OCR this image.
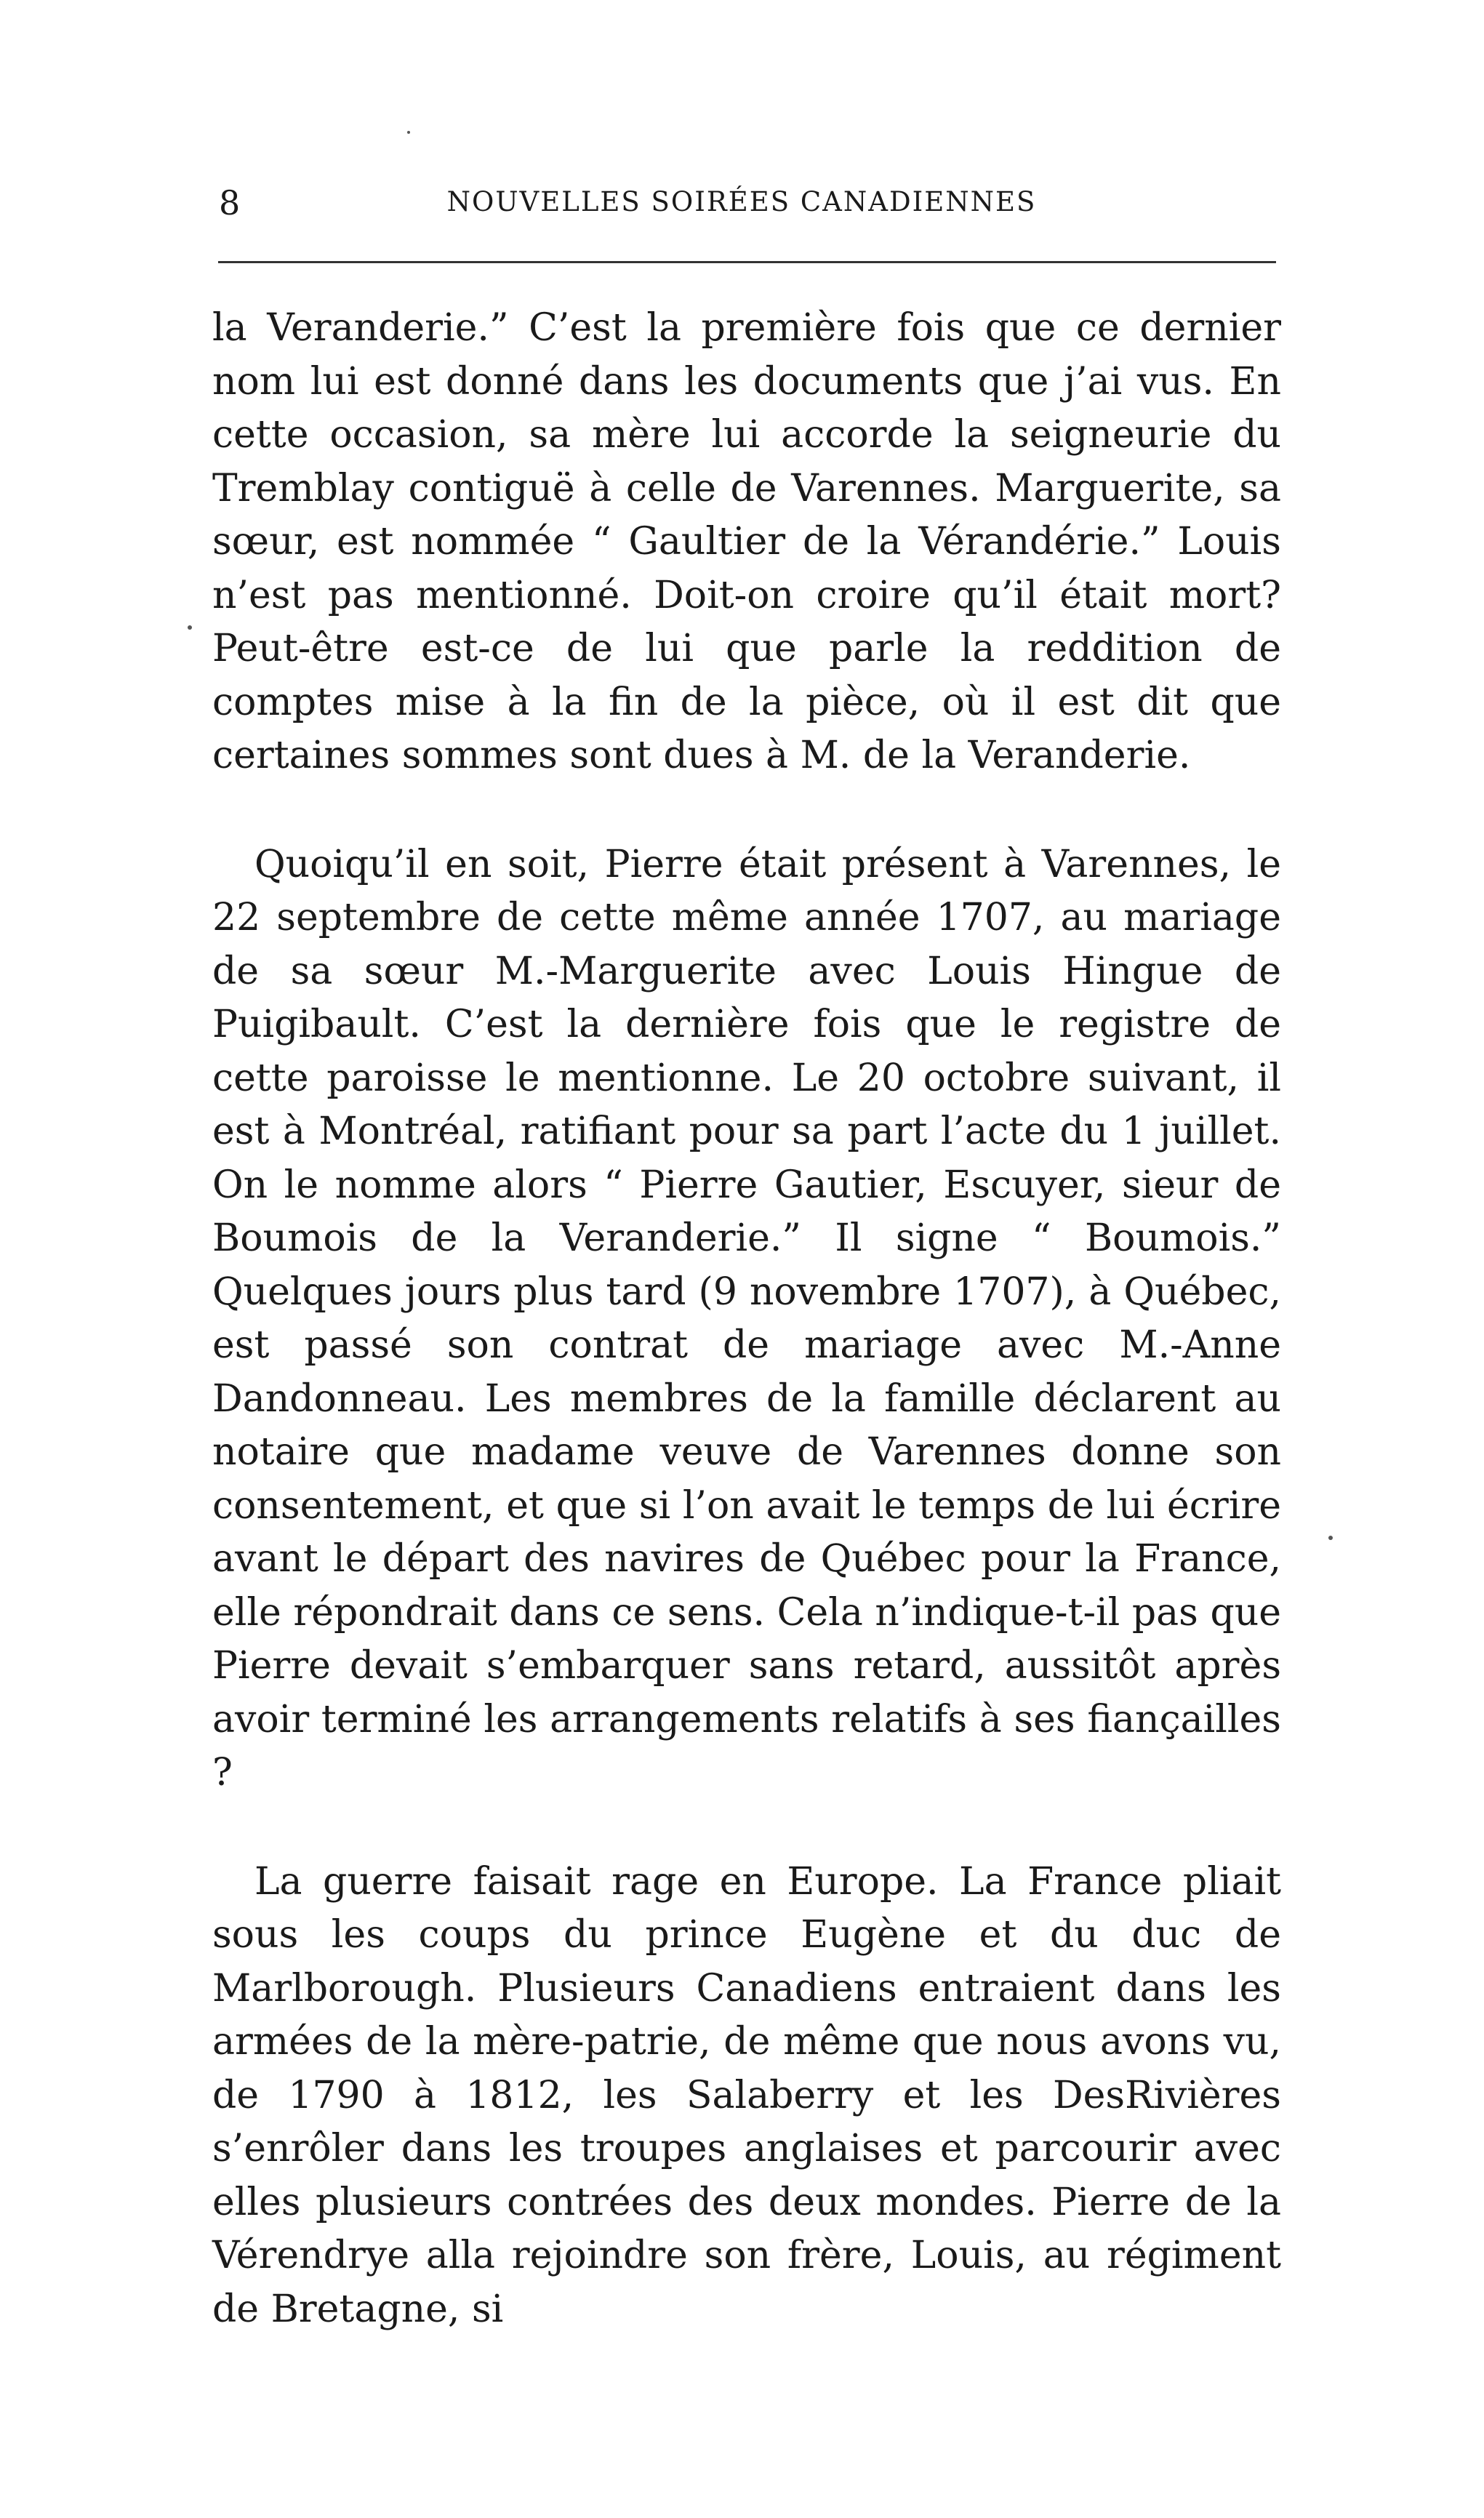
8	NOUVELLES SOIRÉES CANADIENNES

la Veranderie.” C’est la première fois que ce dernier nom lui est donné dans les documents que j’ai vus. En cette occasion, sa mère lui accorde la seigneurie du Tremblay contiguë à celle de Varennes. Marguerite, sa sœur, est nommée “ Gaultier de la Vérandérie.” Louis n’est pas mentionné. Doit-on croire qu’il était mort? Peut-être est-ce de lui que parle la reddition de comptes mise à la fin de la pièce, où il est dit que certaines sommes sont dues à M. de la Veranderie.

Quoiqu’il en soit, Pierre était présent à Varennes, le 22 septembre de cette même année 1707, au mariage de sa sœur M.-Marguerite avec Louis Hingue de Puigibault. C’est la dernière fois que le registre de cette paroisse le mentionne. Le 20 octobre suivant, il est à Montréal, ratifiant pour sa part l’acte du 1 juillet. On le nomme alors “ Pierre Gautier, Escuyer, sieur de Boumois de la Veranderie.” Il signe “ Boumois.” Quelques jours plus tard (9 novembre 1707), à Québec, est passé son contrat de mariage avec M.-Anne Dandonneau. Les membres de la famille déclarent au notaire que madame veuve de Varennes donne son consentement, et que si l’on avait le temps de lui écrire avant le départ des navires de Québec pour la France, elle répondrait dans ce sens. Cela n’indique-t-il pas que Pierre devait s’embarquer sans retard, aussitôt après avoir terminé les arrangements relatifs à ses fiançailles ?

La guerre faisait rage en Europe. La France pliait sous les coups du prince Eugène et du duc de Marlborough. Plusieurs Canadiens entraient dans les armées de la mère-patrie, de même que nous avons vu, de 1790 à 1812, les Salaberry et les DesRivières s’enrôler dans les troupes anglaises et parcourir avec elles plusieurs contrées des deux mondes. Pierre de la Vérendrye alla rejoindre son frère, Louis, au régiment de Bretagne, si
